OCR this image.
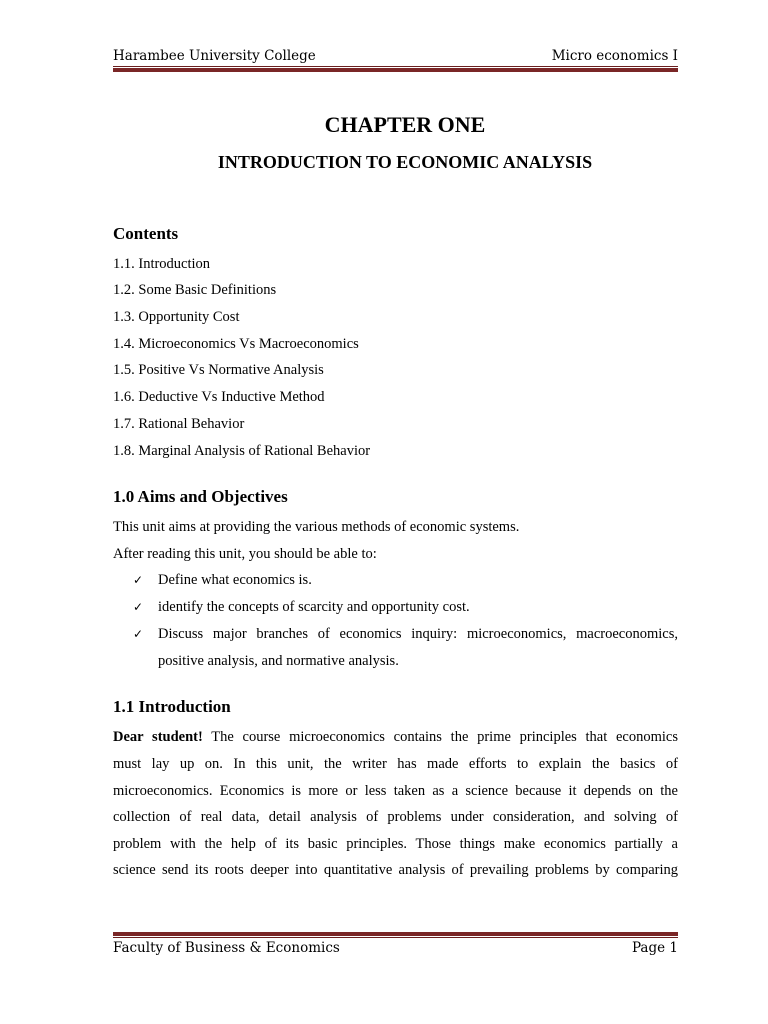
Harambee University College	Micro economics I
CHAPTER ONE
INTRODUCTION TO ECONOMIC ANALYSIS
Contents
1.1. Introduction
1.2. Some Basic Definitions
1.3. Opportunity Cost
1.4. Microeconomics Vs Macroeconomics
1.5. Positive Vs Normative Analysis
1.6. Deductive Vs Inductive Method
1.7. Rational Behavior
1.8. Marginal Analysis of Rational Behavior
1.0 Aims and Objectives
This unit aims at providing the various methods of economic systems.
After reading this unit, you should be able to:
✓ Define what economics is.
✓ identify the concepts of scarcity and opportunity cost.
✓ Discuss major branches of economics inquiry: microeconomics, macroeconomics,
positive analysis, and normative analysis.
1.1 Introduction
Dear student! The course microeconomics contains the prime principles that economics
must lay up on. In this unit, the writer has made efforts to explain the basics of
microeconomics. Economics is more or less taken as a science because it depends on the
collection of real data, detail analysis of problems under consideration, and solving of
problem with the help of its basic principles. Those things make economics partially a
science send its roots deeper into quantitative analysis of prevailing problems by comparing
Faculty of Business & Economics	Page 1
